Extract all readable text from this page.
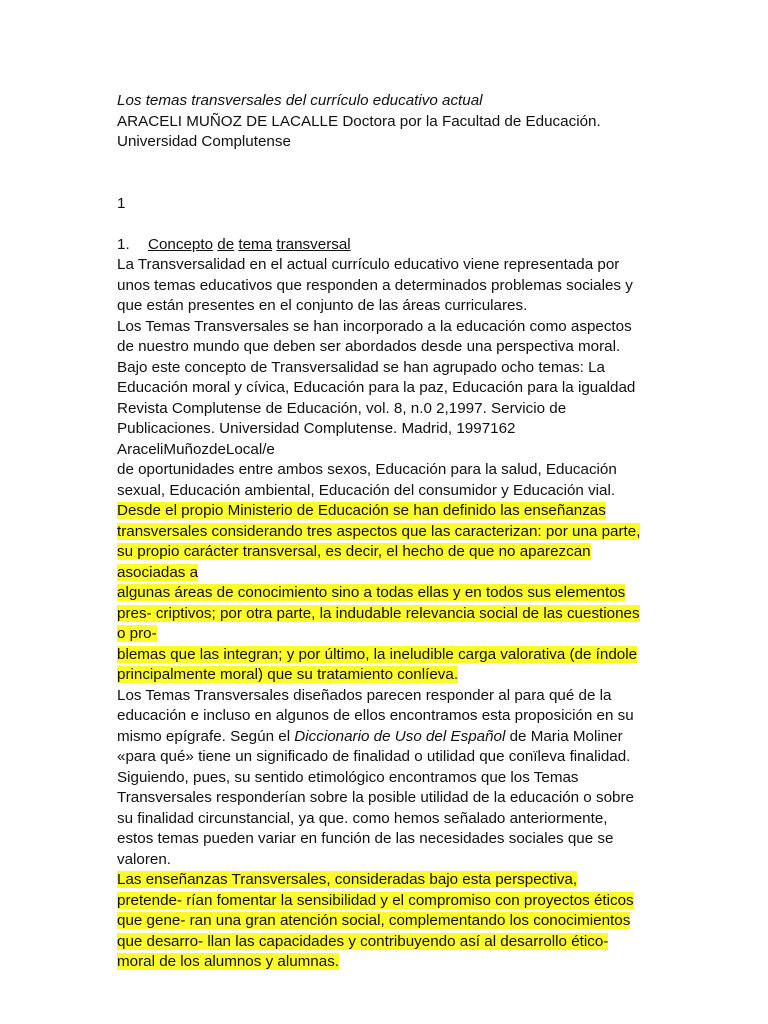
Los temas transversales del currículo educativo actual
ARACELI MUÑOZ DE LACALLE Doctora por la Facultad de Educación.
Universidad Complutense
1
1. Concepto de tema transversal
La Transversalidad en el actual currículo educativo viene representada por
unos temas educativos que responden a determinados problemas sociales y
que están presentes en el conjunto de las áreas curriculares.
Los Temas Transversales se han incorporado a la educación como aspectos
de nuestro mundo que deben ser abordados desde una perspectiva moral.
Bajo este concepto de Transversalidad se han agrupado ocho temas: La
Educación moral y cívica, Educación para la paz, Educación para la igualdad
Revista Complutense de Educación, vol. 8, n.0 2,1997. Servicio de
Publicaciones. Universidad Complutense. Madrid, 1997162
AraceliMuñozdeLocal/e
de oportunidades entre ambos sexos, Educación para la salud, Educación
sexual, Educación ambiental, Educación del consumidor y Educación vial.
Desde el propio Ministerio de Educación se han definido las enseñanzas
transversales considerando tres aspectos que las caracterizan: por una parte,
su propio carácter transversal, es decir, el hecho de que no aparezcan
asociadas a
algunas áreas de conocimiento sino a todas ellas y en todos sus elementos
pres- criptivos; por otra parte, la indudable relevancia social de las cuestiones
o pro-
blemas que las integran; y por último, la ineludible carga valorativa (de índole
principalmente moral) que su tratamiento conlíeva.
Los Temas Transversales diseñados parecen responder al para qué de la
educación e incluso en algunos de ellos encontramos esta proposición en su
mismo epígrafe. Según el Diccionario de Uso del Español de Maria Moliner
«para qué» tiene un significado de finalidad o utilidad que conïleva finalidad.
Siguiendo, pues, su sentido etimológico encontramos que los Temas
Transversales responderían sobre la posible utilidad de la educación o sobre
su finalidad circunstancial, ya que. como hemos señalado anteriormente,
estos temas pueden variar en función de las necesidades sociales que se
valoren.
Las enseñanzas Transversales, consideradas bajo esta perspectiva,
pretende- rían fomentar la sensibilidad y el compromiso con proyectos éticos
que gene- ran una gran atención social, complementando los conocimientos
que desarro- llan las capacidades y contribuyendo así al desarrollo ético-
moral de los alumnos y alumnas.
